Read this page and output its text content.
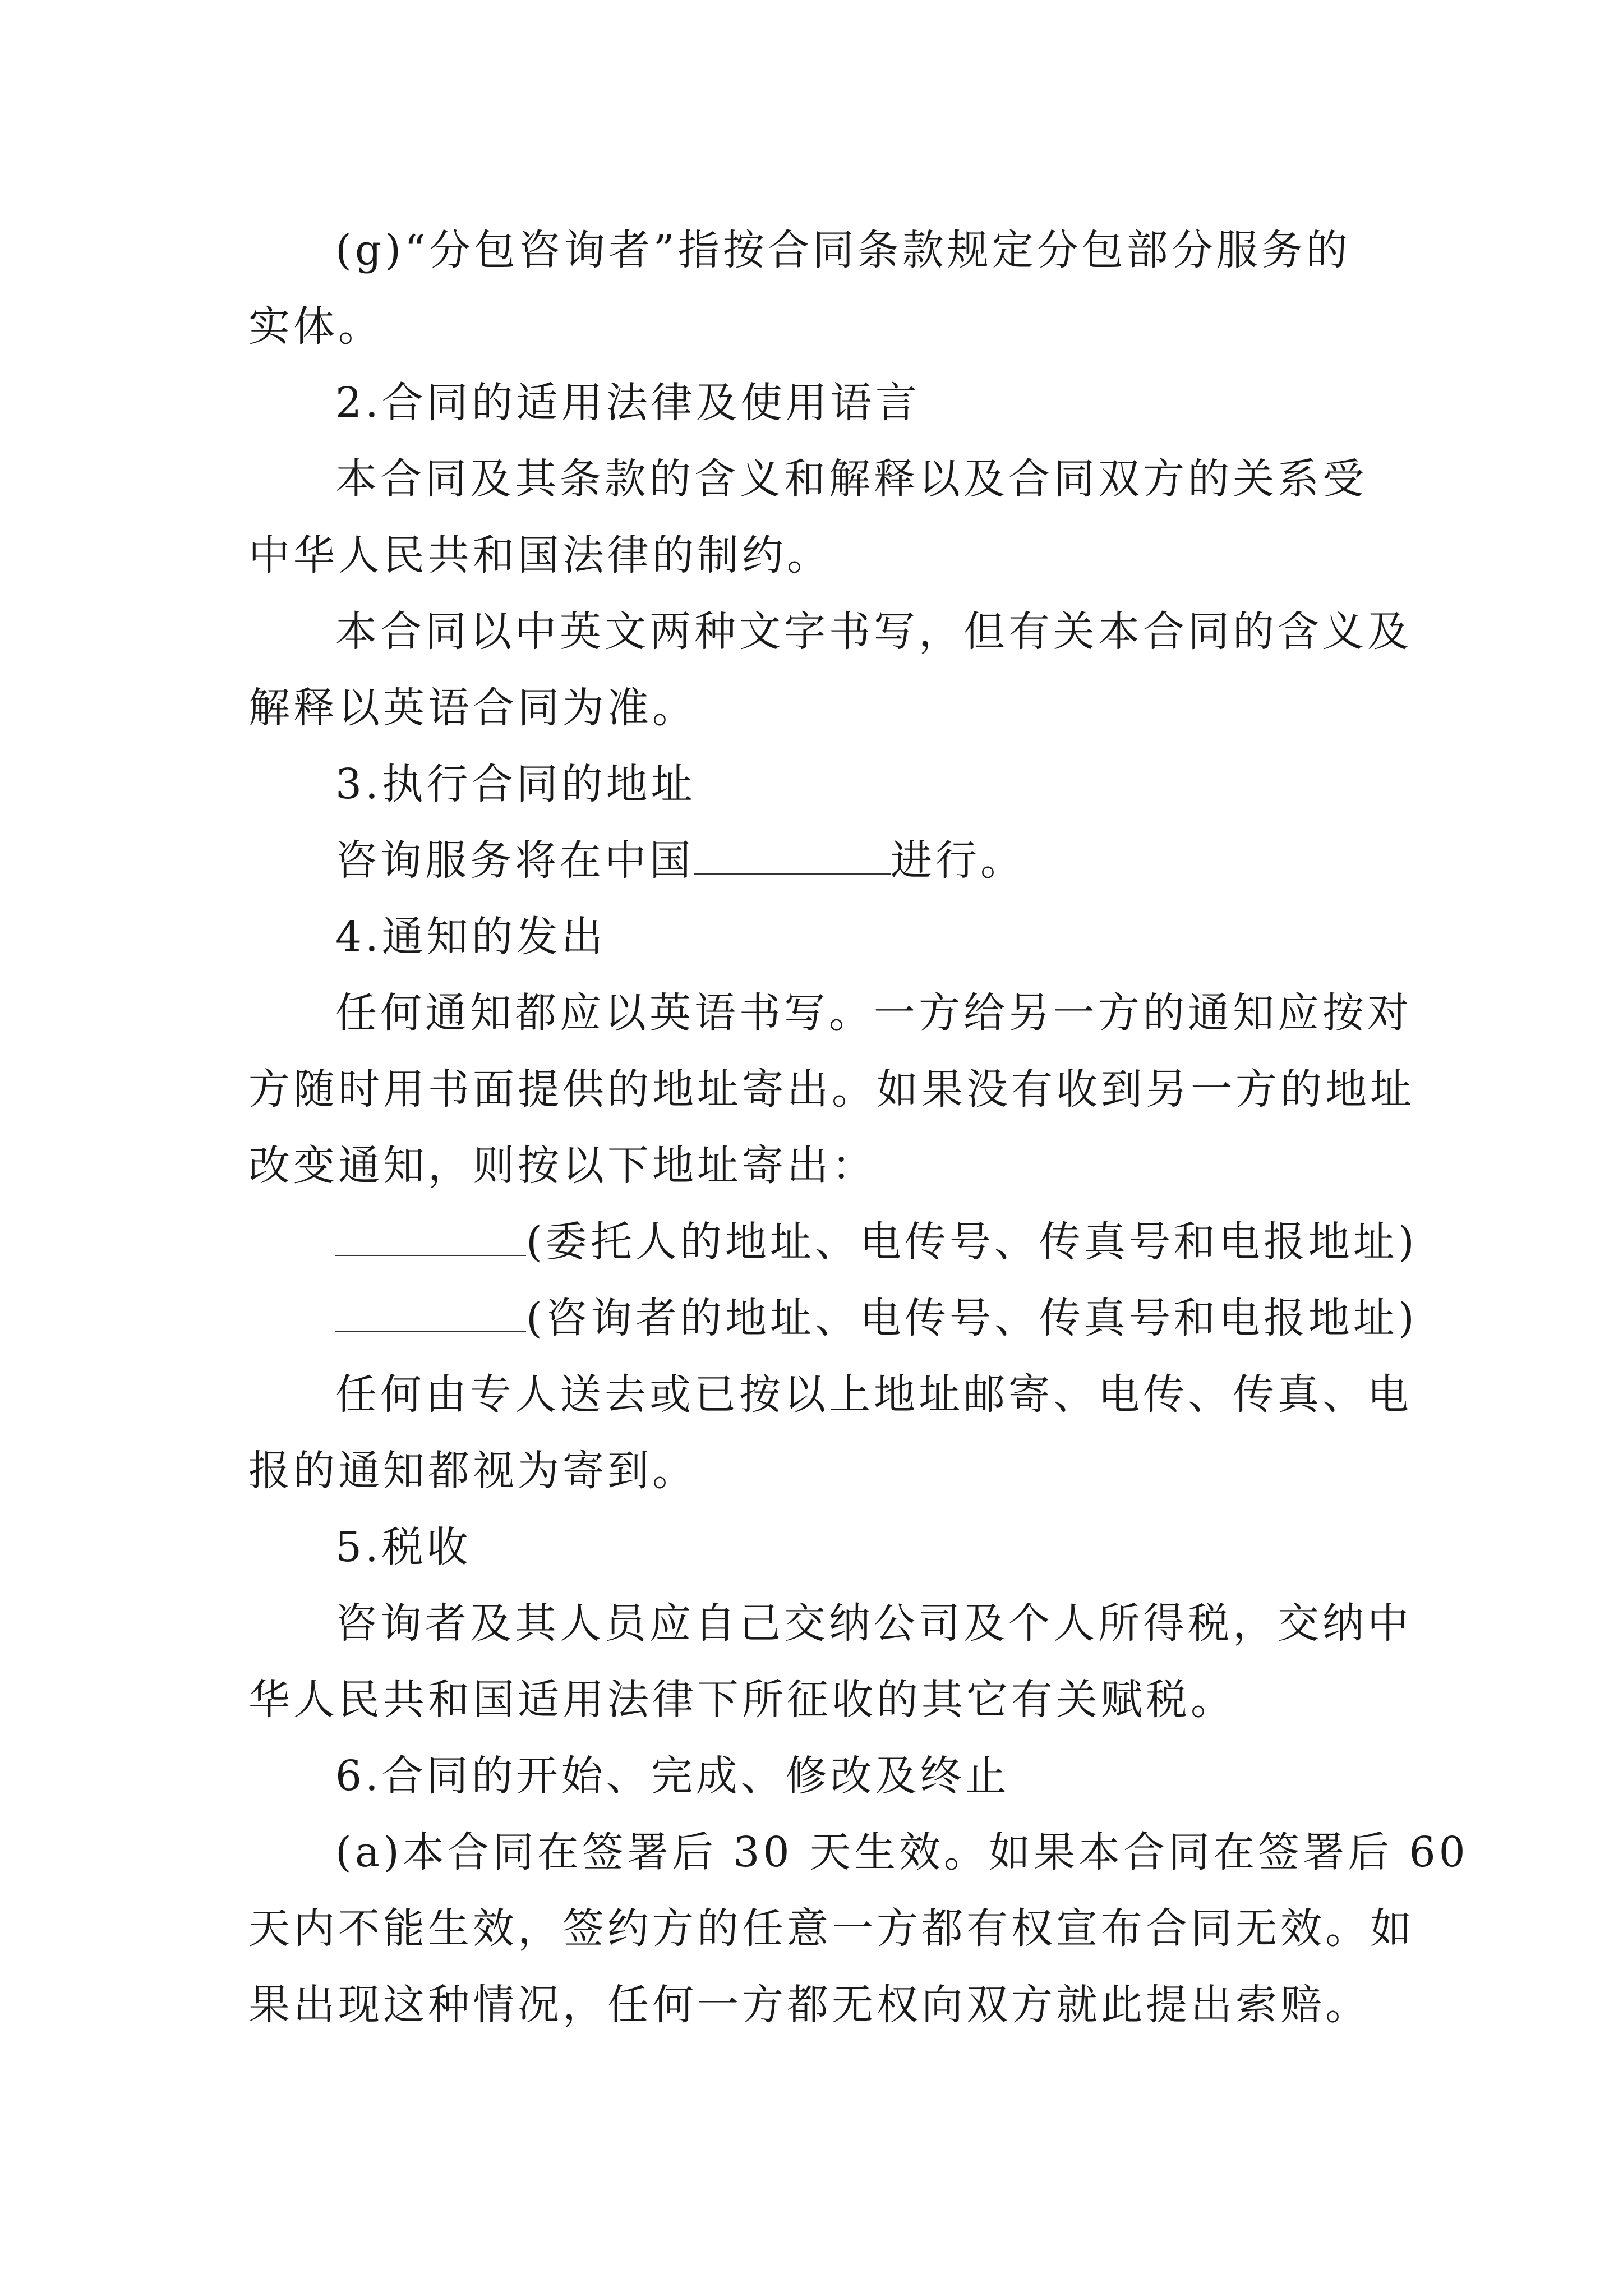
(g)“分包咨询者”指按合同条款规定分包部分服务的
实体。
2.合同的适用法律及使用语言
本合同及其条款的含义和解释以及合同双方的关系受
中华人民共和国法律的制约。
本合同以中英文两种文字书写，但有关本合同的含义及
解释以英语合同为准。
3.执行合同的地址
咨询服务将在中国	进行。
4.通知的发出
任何通知都应以英语书写。一方给另一方的通知应按对
方随时用书面提供的地址寄出。如果没有收到另一方的地址
改变通知，则按以下地址寄出：
(委托人的地址、电传号、传真号和电报地址)
(咨询者的地址、电传号、传真号和电报地址)
任何由专人送去或已按以上地址邮寄、电传、传真、电
报的通知都视为寄到。
5.税收
咨询者及其人员应自己交纳公司及个人所得税，交纳中
华人民共和国适用法律下所征收的其它有关赋税。
6.合同的开始、完成、修改及终止
(a)本合同在签署后 30 天生效。如果本合同在签署后 60
天内不能生效，签约方的任意一方都有权宣布合同无效。如
果出现这种情况，任何一方都无权向双方就此提出索赔。
